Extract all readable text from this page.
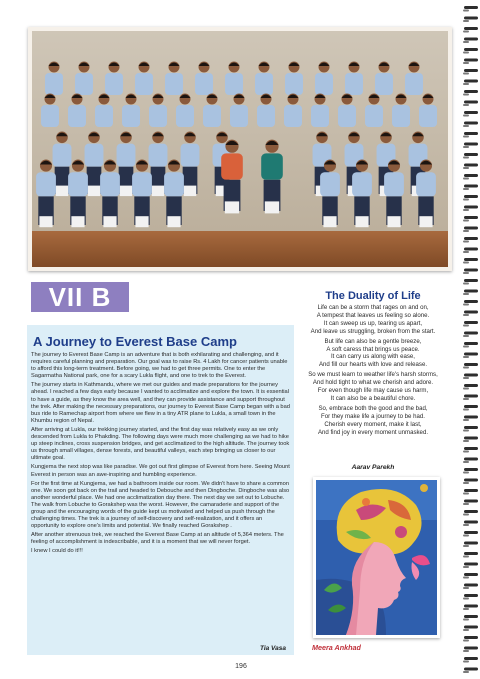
VII B
A Journey to Everest Base Camp

The journey to Everest Base Camp is an adventure that is both exhilarating and challenging, and it requires careful planning and preparation. Our goal was to raise Rs. 4 Lakh for cancer patients unable to afford this long-term treatment. Before going, we had to get three permits. One to enter the Sagarmatha National park, one for a scary Lukla flight, and one to trek to the Everest.

The journey starts in Kathmandu, where we met our guides and made preparations for the journey ahead. I reached a few days early because I wanted to acclimatize and explore the town. It is essential to have a guide, as they know the area well, and they can provide assistance and support throughout the trek. After making the necessary preparations, our journey to Everest Base Camp began with a bad bus ride to Ramechap airport from where we flew in a tiny ATR plane to Lukla, a small town in the Khumbu region of Nepal.

After arriving at Lukla, our trekking journey started, and the first day was relatively easy as we only descended from Lukla to Phakding. The following days were much more challenging as we had to hike up steep inclines, cross suspension bridges, and get acclimatized to the high altitude. The journey took us through small villages, dense forests, and beautiful valleys, each step bringing us closer to our ultimate goal.

Kungjema the next stop was like paradise. We got out first glimpse of Everest from here. Seeing Mount Everest in person was an awe-inspiring and humbling experience.

For the first time at Kungjema, we had a bathroom inside our room. We didn't have to share a common one. We soon got back on the trail and headed to Debouche and then Dingboche. Dingboche was also another wonderful place. We had one acclimatization day there. The next day we set out to Lobuche. The walk from Lobuche to Gorakshep was the worst. However, the camaraderie and support of the group and the encouraging words of the guide kept us motivated and helped us push through the challenging times. The trek is a journey of self-discovery and self-realization, and it offers an opportunity to explore one's limits and potential. We finally reached Gorakshep .

After another strenuous trek, we reached the Everest Base Camp at an altitude of 5,364 meters. The feeling of accomplishment is indescribable, and it is a moment that we will never forget.

I knew I could do it!!!

Tia Vasa
The Duality of Life
Life can be a storm that rages on and on,
A tempest that leaves us feeling so alone.
It can sweep us up, tearing us apart,
And leave us struggling, broken from the start.
But life can also be a gentle breeze,
A soft caress that brings us peace.
It can carry us along with ease,
And fill our hearts with love and release.
So we must learn to weather life's harsh storms,
And hold tight to what we cherish and adore.
For even though life may cause us harm,
It can also be a beautiful chore.
So, embrace both the good and the bad,
For they make life a journey to be had.
Cherish every moment, make it last,
And find joy in every moment unmasked.
Aarav Parekh
Meera Ankhad
196
